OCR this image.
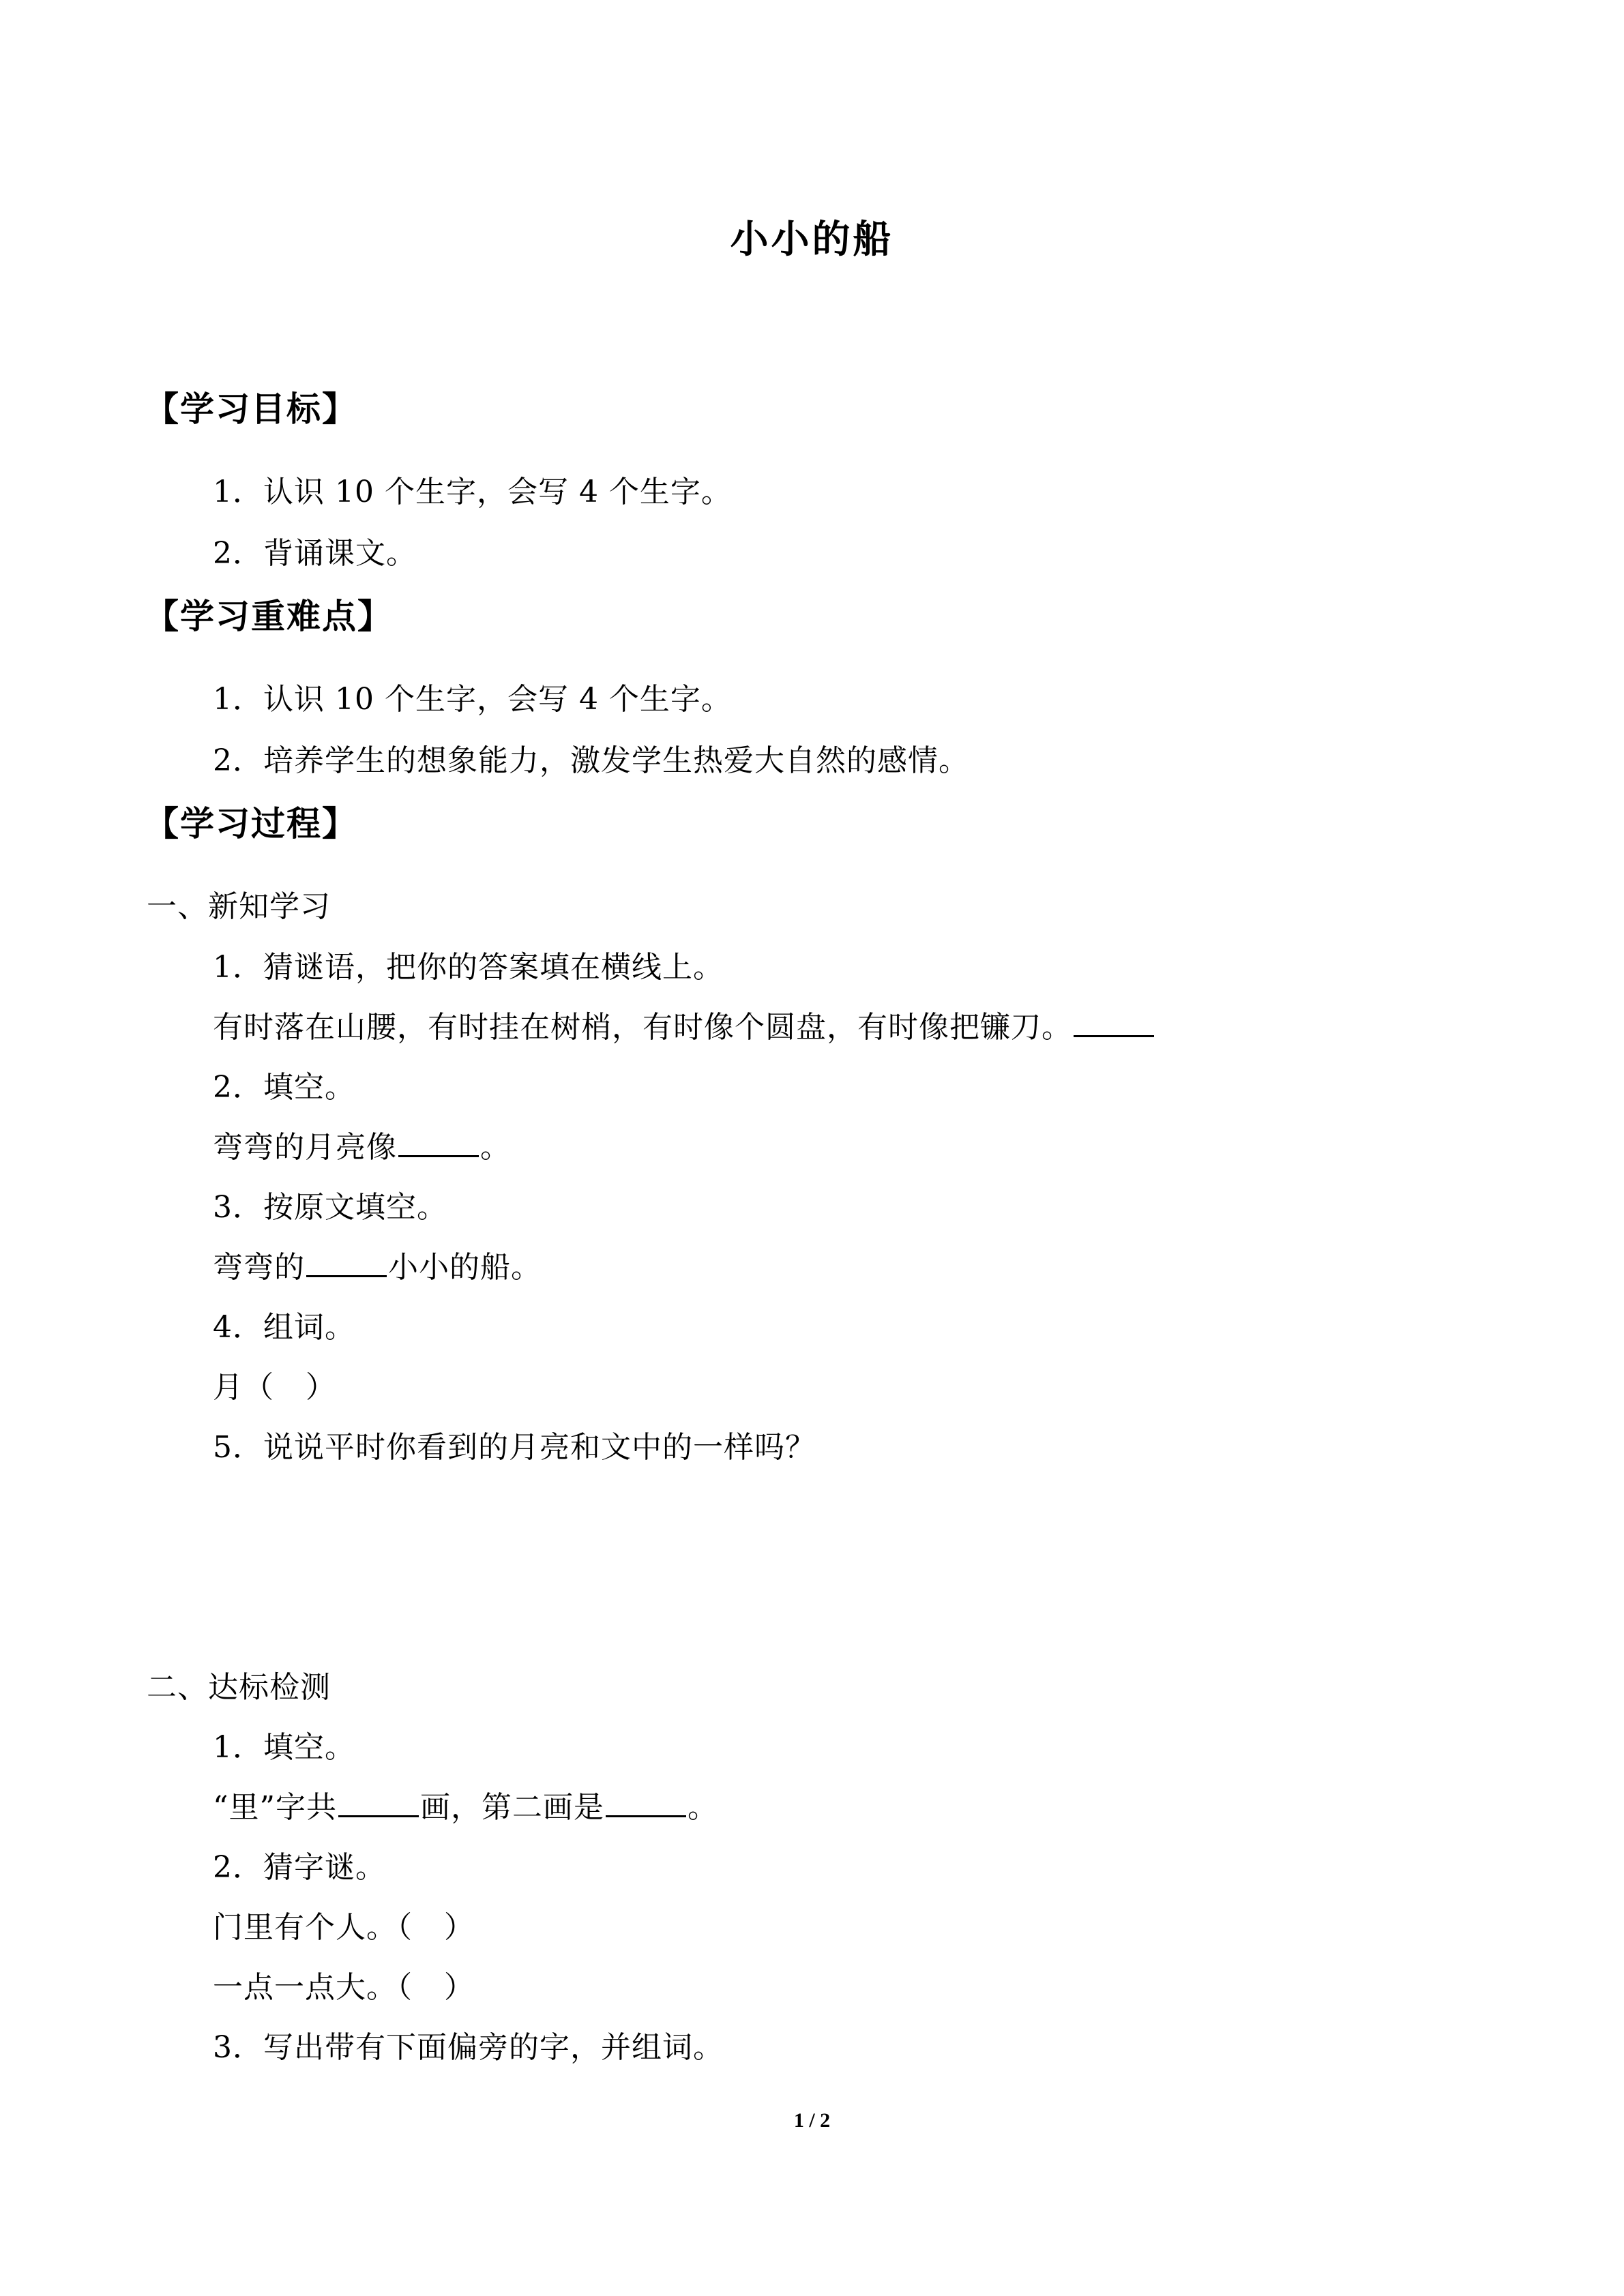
小小的船
【学习目标】
1．认识 10 个生字，会写 4 个生字。
2．背诵课文。
【学习重难点】
1．认识 10 个生字，会写 4 个生字。
2．培养学生的想象能力，激发学生热爱大自然的感情。
【学习过程】
一、新知学习
1．猜谜语，把你的答案填在横线上。
有时落在山腰，有时挂在树梢，有时像个圆盘，有时像把镰刀。
2．填空。
弯弯的月亮像	。
3．按原文填空。
弯弯的	小小的船。
4．组词。
月（ ）
5．说说平时你看到的月亮和文中的一样吗？
二、达标检测
1．填空。
“里”字共	画，第二画是	。
2．猜字谜。
门里有个人。（ ）
一点一点大。（ ）
3．写出带有下面偏旁的字，并组词。
1 / 2
